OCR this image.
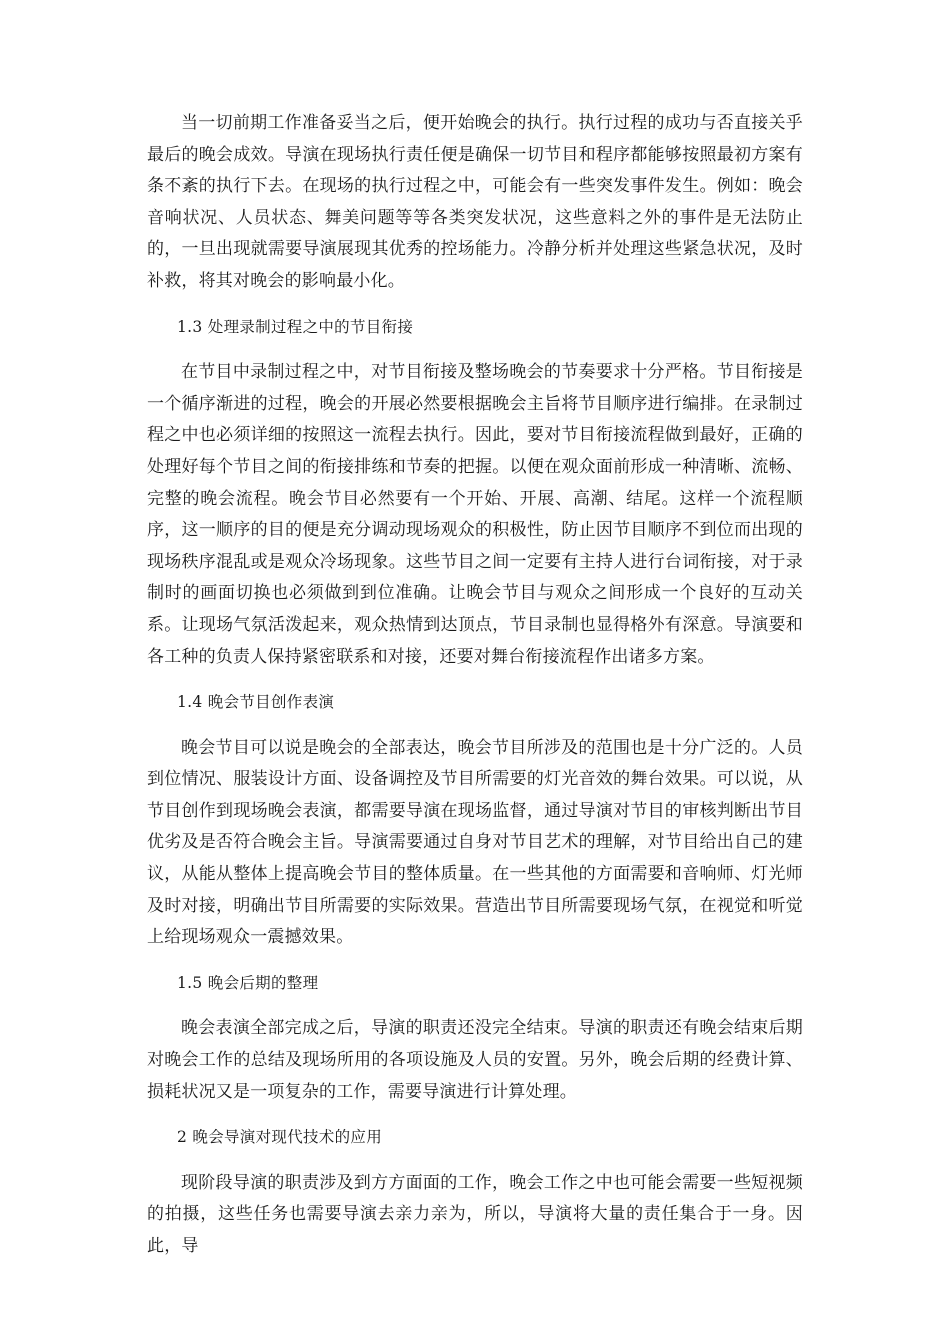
当一切前期工作准备妥当之后，便开始晚会的执行。执行过程的成功与否直接关乎最后的晚会成效。导演在现场执行责任便是确保一切节目和程序都能够按照最初方案有条不紊的执行下去。在现场的执行过程之中，可能会有一些突发事件发生。例如：晚会音响状况、人员状态、舞美问题等等各类突发状况，这些意料之外的事件是无法防止的，一旦出现就需要导演展现其优秀的控场能力。冷静分析并处理这些紧急状况，及时补救，将其对晚会的影响最小化。

1.3 处理录制过程之中的节目衔接

在节目中录制过程之中，对节目衔接及整场晚会的节奏要求十分严格。节目衔接是一个循序渐进的过程，晚会的开展必然要根据晚会主旨将节目顺序进行编排。在录制过程之中也必须详细的按照这一流程去执行。因此，要对节目衔接流程做到最好，正确的处理好每个节目之间的衔接排练和节奏的把握。以便在观众面前形成一种清晰、流畅、完整的晚会流程。晚会节目必然要有一个开始、开展、高潮、结尾。这样一个流程顺序，这一顺序的目的便是充分调动现场观众的积极性，防止因节目顺序不到位而出现的现场秩序混乱或是观众冷场现象。这些节目之间一定要有主持人进行台词衔接，对于录制时的画面切换也必须做到到位准确。让晚会节目与观众之间形成一个良好的互动关系。让现场气氛活泼起来，观众热情到达顶点，节目录制也显得格外有深意。导演要和各工种的负责人保持紧密联系和对接，还要对舞台衔接流程作出诸多方案。

1.4 晚会节目创作表演

晚会节目可以说是晚会的全部表达，晚会节目所涉及的范围也是十分广泛的。人员到位情况、服装设计方面、设备调控及节目所需要的灯光音效的舞台效果。可以说，从节目创作到现场晚会表演，都需要导演在现场监督，通过导演对节目的审核判断出节目优劣及是否符合晚会主旨。导演需要通过自身对节目艺术的理解，对节目给出自己的建议，从能从整体上提高晚会节目的整体质量。在一些其他的方面需要和音响师、灯光师及时对接，明确出节目所需要的实际效果。营造出节目所需要现场气氛，在视觉和听觉上给现场观众一震撼效果。

1.5 晚会后期的整理

晚会表演全部完成之后，导演的职责还没完全结束。导演的职责还有晚会结束后期对晚会工作的总结及现场所用的各项设施及人员的安置。另外，晚会后期的经费计算、损耗状况又是一项复杂的工作，需要导演进行计算处理。

2 晚会导演对现代技术的应用

现阶段导演的职责涉及到方方面面的工作，晚会工作之中也可能会需要一些短视频的拍摄，这些任务也需要导演去亲力亲为，所以，导演将大量的责任集合于一身。因此，导
